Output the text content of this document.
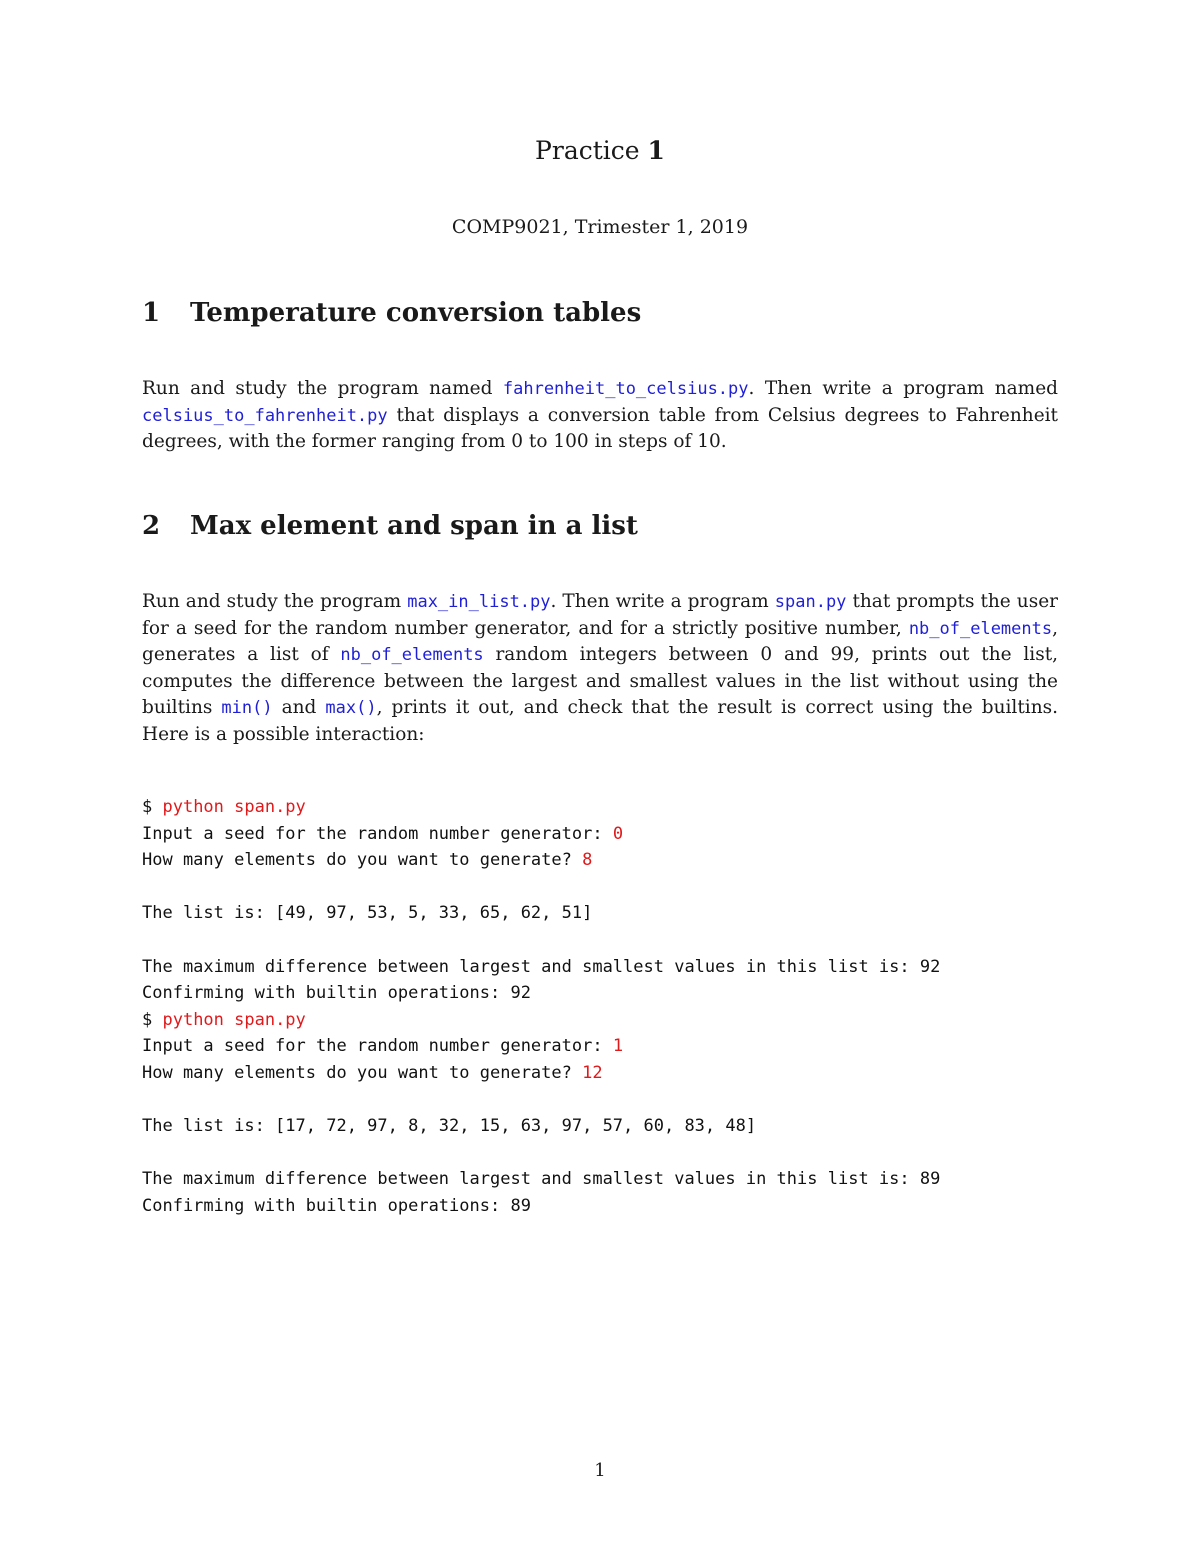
Practice 1
COMP9021, Trimester 1, 2019
1 Temperature conversion tables

Run and study the program named fahrenheit_to_celsius.py. Then write a program named celsius_to_fahrenheit.py that displays a conversion table from Celsius degrees to Fahrenheit degrees, with the former ranging from 0 to 100 in steps of 10.

2 Max element and span in a list

Run and study the program max_in_list.py. Then write a program span.py that prompts the user for a seed for the random number generator, and for a strictly positive number, nb_of_elements, generates a list of nb_of_elements random integers between 0 and 99, prints out the list, computes the difference between the largest and smallest values in the list without using the builtins min() and max(), prints it out, and check that the result is correct using the builtins. Here is a possible interaction:

$ python span.py
Input a seed for the random number generator: 0
How many elements do you want to generate? 8
The list is: [49, 97, 53, 5, 33, 65, 62, 51]
The maximum difference between largest and smallest values in this list is: 92
Confirming with builtin operations: 92
$ python span.py
Input a seed for the random number generator: 1
How many elements do you want to generate? 12
The list is: [17, 72, 97, 8, 32, 15, 63, 97, 57, 60, 83, 48]
The maximum difference between largest and smallest values in this list is: 89
Confirming with builtin operations: 89
1
